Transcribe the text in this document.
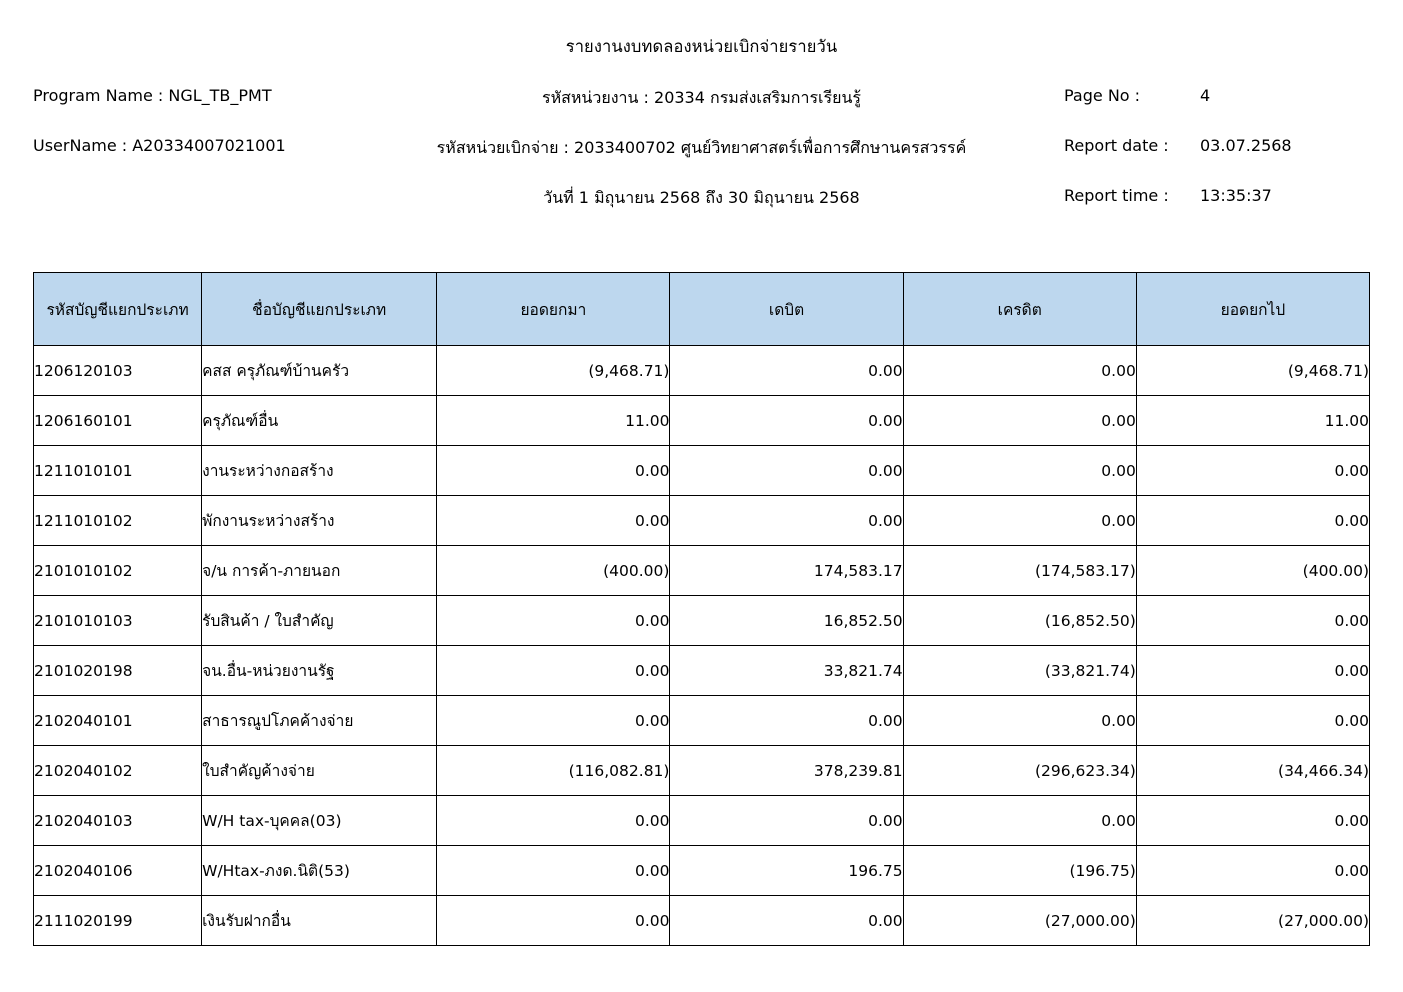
รายงานงบทดลองหน่วยเบิกจ่ายรายวัน
Program Name : NGL_TB_PMT	รหัสหน่วยงาน : 20334 กรมส่งเสริมการเรียนรู้	Page No :	4
UserName : A20334007021001	รหัสหน่วยเบิกจ่าย : 2033400702 ศูนย์วิทยาศาสตร์เพื่อการศึกษานครสวรรค์	Report date : 03.07.2568
วันที่ 1 มิถุนายน 2568 ถึง 30 มิถุนายน 2568	Report time : 13:35:37
รหัสบัญชีแยกประเภท	ชื่อบัญชีแยกประเภท	ยอดยกมา	เดบิต	เครดิต	ยอดยกไป
1206120103	คสส ครุภัณฑ์บ้านครัว	(9,468.71)	0.00	0.00	(9,468.71)
1206160101	ครุภัณฑ์อื่น	11.00	0.00	0.00	11.00
1211010101	งานระหว่างกอสร้าง	0.00	0.00	0.00	0.00
1211010102	พักงานระหว่างสร้าง	0.00	0.00	0.00	0.00
2101010102	จ/น การค้า-ภายนอก	(400.00)	174,583.17	(174,583.17)	(400.00)
2101010103	รับสินค้า / ใบสำคัญ	0.00	16,852.50	(16,852.50)	0.00
2101020198	จน.อื่น-หน่วยงานรัฐ	0.00	33,821.74	(33,821.74)	0.00
2102040101	สาธารณูปโภคค้างจ่าย	0.00	0.00	0.00	0.00
2102040102	ใบสำคัญค้างจ่าย	(116,082.81)	378,239.81	(296,623.34)	(34,466.34)
2102040103	W/H tax-บุคคล(03)	0.00	0.00	0.00	0.00
2102040106	W/Htax-ภงด.นิติ(53)	0.00	196.75	(196.75)	0.00
2111020199	เงินรับฝากอื่น	0.00	0.00	(27,000.00)	(27,000.00)
